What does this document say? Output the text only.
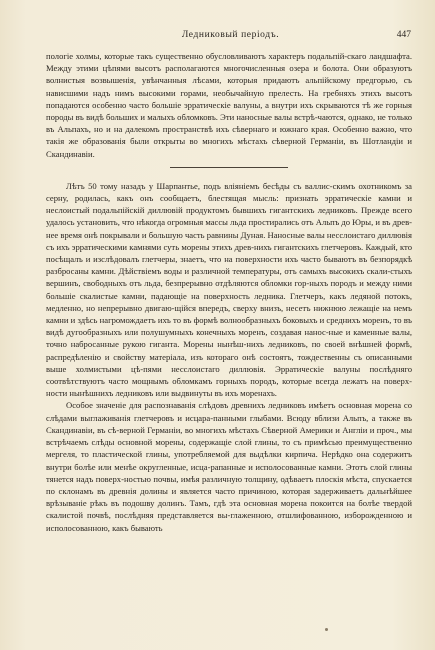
Ледниковый періодъ.	447

пологіе холмы, которые такъ существенно обусловливаютъ характеръ подальпій-скаго ландшафта. Между этими цѣпями высотъ располагаются многочисленныя озера и болота. Они образуютъ волнистыя возвышенія, увѣнчанныя лѣсами, которыя придаютъ альпійскому предгорью, съ нависшими надъ нимъ высокими горами, необычайную прелесть. На гребняхъ этихъ высотъ попадаются особенно часто большіе эрратическіе валуны, а внутри ихъ скрываются тѣ же горныя породы въ видѣ больших и малыхъ обломковъ. Эти наносные валы встрѣ-чаются, однако, не только въ Альпахъ, но и на далекомъ пространствѣ ихъ сѣвернаго и южнаго края. Особенно важно, что такія же образованія были открыты во многихъ мѣстахъ сѣверной Германіи, въ Шотландіи и Скандинавіи.

Лѣтъ 50 тому назадъ у Шарпантье, подъ вліяніемъ бесѣды съ валлис-скимъ охотникомъ за серну, родилась, какъ онъ сообщаетъ, блестящая мысль: признать эрратическіе камни и неслоистый подальпійскій диллювій продуктомъ бывшихъ гигантскихъ ледниковъ. Прежде всего удалось установить, что нѣкогда огромныя массы льда простирались отъ Альпъ до Юры, и въ древ-нее время онѣ покрывали и большую часть равнины Дуная. Наносные валы несслоистаго диллювія съ ихъ эрратическими камнями суть морены этихъ древ-нихъ гигантскихъ глетчеровъ. Каждый, кто посѣщалъ и изслѣдовалъ глетчеры, знаетъ, что на поверхности ихъ часто бываютъ въ безпорядкѣ разбросаны камни. Дѣйствіемъ воды и различной температуры, отъ самыхъ высокихъ скали-стыхъ вершинъ, свободныхъ отъ льда, безпрерывно отдѣляются обломки гор-ныхъ породъ и между ними большіе скалистые камни, падающіе на поверхность ледника. Глетчеръ, какъ ледяной потокъ, медленно, но непрерывно двигаю-щійся впередъ, сверху внизъ, несетъ нижнюю лежащіе на немъ камни и здѣсь нагромождаетъ ихъ то въ формѣ волнообразныхъ боковыхъ и среднихъ моренъ, то въ видѣ дугообразныхъ или полушумныхъ конечныхъ моренъ, создавая нанос-ные и каменные валы, точно набросанные рукою гиганта. Морены нынѣш-нихъ ледниковъ, по своей внѣшней формѣ, распредѣленію и свойству матеріала, изъ котораго онѣ состоятъ, тождественны съ описанными выше холмистыми цѣ-пями несслоистаго диллювія. Эрратическіе валуны послѣдняго соотвѣтствуютъ часто мощнымъ обломкамъ горныхъ породъ, которые всегда лежатъ на поверх-ности нынѣшнихъ ледниковъ или выдвинуты въ ихъ моренахъ.

Особое значеніе для распознаванія слѣдовъ древнихъ ледниковъ имѣетъ основная морена со слѣдами выглаживанія глетчеровъ и исцара-панными глыбами. Всюду вблизи Альпъ, а также въ Скандинавіи, въ сѣ-верной Германіи, во многихъ мѣстахъ Сѣверной Америки и Англіи и проч., мы встрѣчаемъ слѣды основной морены, содержащіе слой глины, то съ примѣсью преимущественно мергеля, то пластической глины, употребляемой для выдѣлки кирпича. Нерѣдко она содержитъ внутри болѣе или менѣе округленные, исца-рапанные и исполосованные камни. Этотъ слой глины тянется надъ поверх-ностью почвы, имѣя различную толщину, одѣваетъ плоскія мѣста, спускается по склонамъ въ древнія долины и является часто причиною, которая задерживаетъ дальнѣйшее врѣзываніе рѣкъ въ подошву долинъ. Тамъ, гдѣ эта основная морена покоится на болѣе твердой скалистой почвѣ, послѣдняя представляется вы-глаженною, отшлифованною, изборожденною и исполосованною, какъ бывають
